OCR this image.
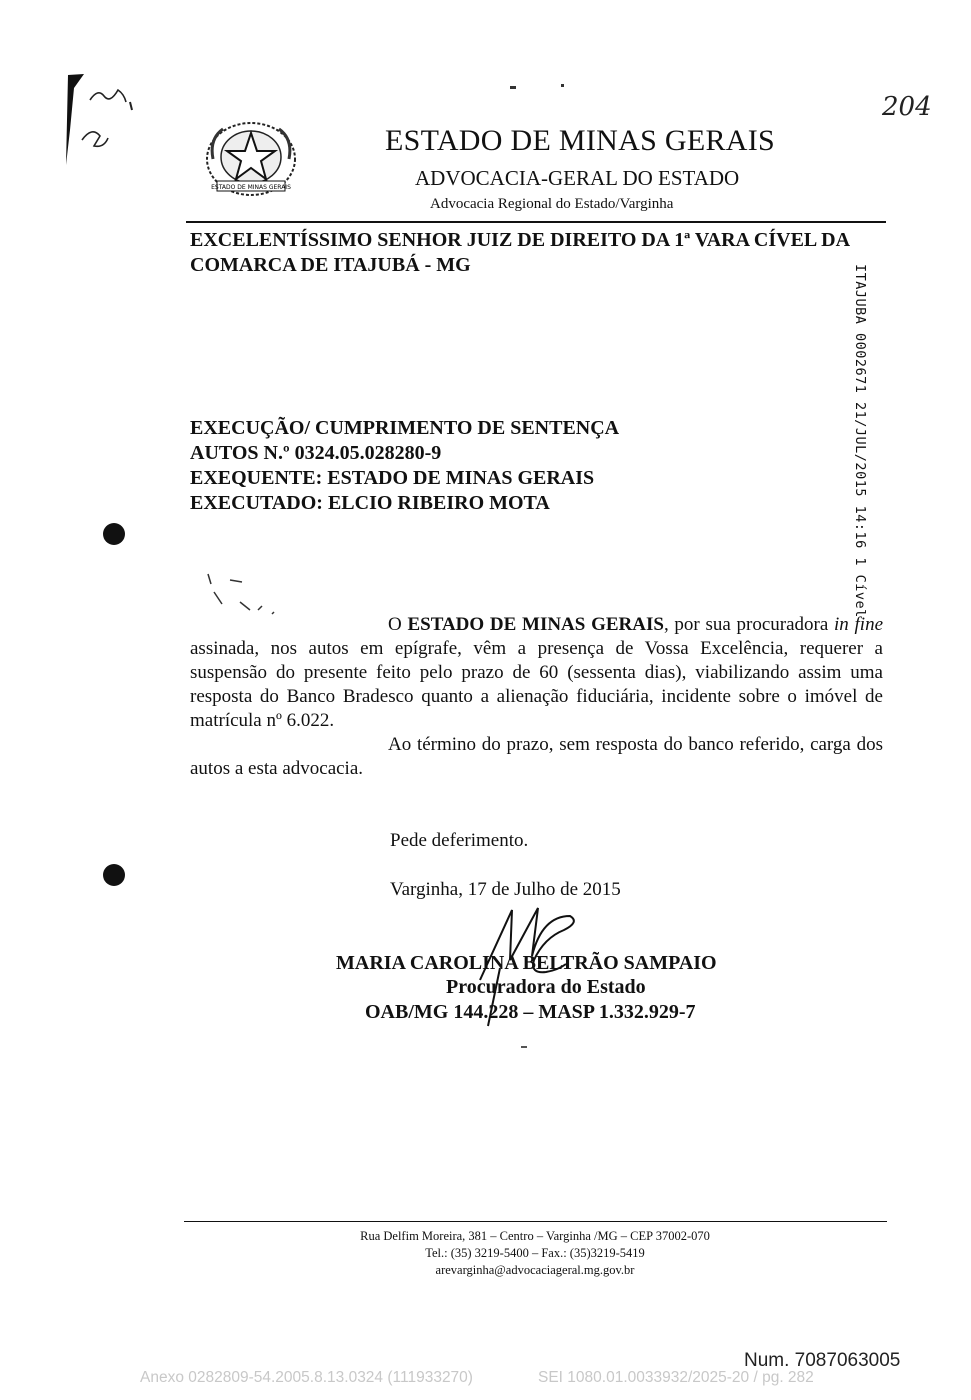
204
ESTADO DE MINAS GERAIS
ESTADO DE MINAS GERAIS
ADVOCACIA-GERAL DO ESTADO
Advocacia Regional do Estado/Varginha
EXCELENTÍSSIMO SENHOR JUIZ DE DIREITO DA 1ª VARA CÍVEL DA
COMARCA DE ITAJUBÁ - MG	ITAJUBA 0002671 21/JUL/2015 14:16 1 Cível
EXECUÇÃO/ CUMPRIMENTO DE SENTENÇA
AUTOS N.º 0324.05.028280-9
EXEQUENTE: ESTADO DE MINAS GERAIS
EXECUTADO: ELCIO RIBEIRO MOTA

O ESTADO DE MINAS GERAIS, por sua procuradora in fine assinada, nos autos em epígrafe, vêm a presença de Vossa Excelência, requerer a suspensão do presente feito pelo prazo de 60 (sessenta dias), viabilizando assim uma resposta do Banco Bradesco quanto a alienação fiduciária, incidente sobre o imóvel de matrícula nº 6.022.

Ao término do prazo, sem resposta do banco referido, carga dos autos a esta advocacia.

Pede deferimento.
Varginha, 17 de Julho de 2015
MARIA CAROLINA BELTRÃO SAMPAIO
Procuradora do Estado
OAB/MG 144.228 – MASP 1.332.929-7
Rua Delfim Moreira, 381 – Centro – Varginha /MG – CEP 37002-070
Tel.: (35) 3219-5400 – Fax.: (35)3219-5419
arevarginha@advocaciageral.mg.gov.br
Num. 7087063005
Anexo 0282809-54.2005.8.13.0324 (111933270)	SEI 1080.01.0033932/2025-20 / pg. 282
